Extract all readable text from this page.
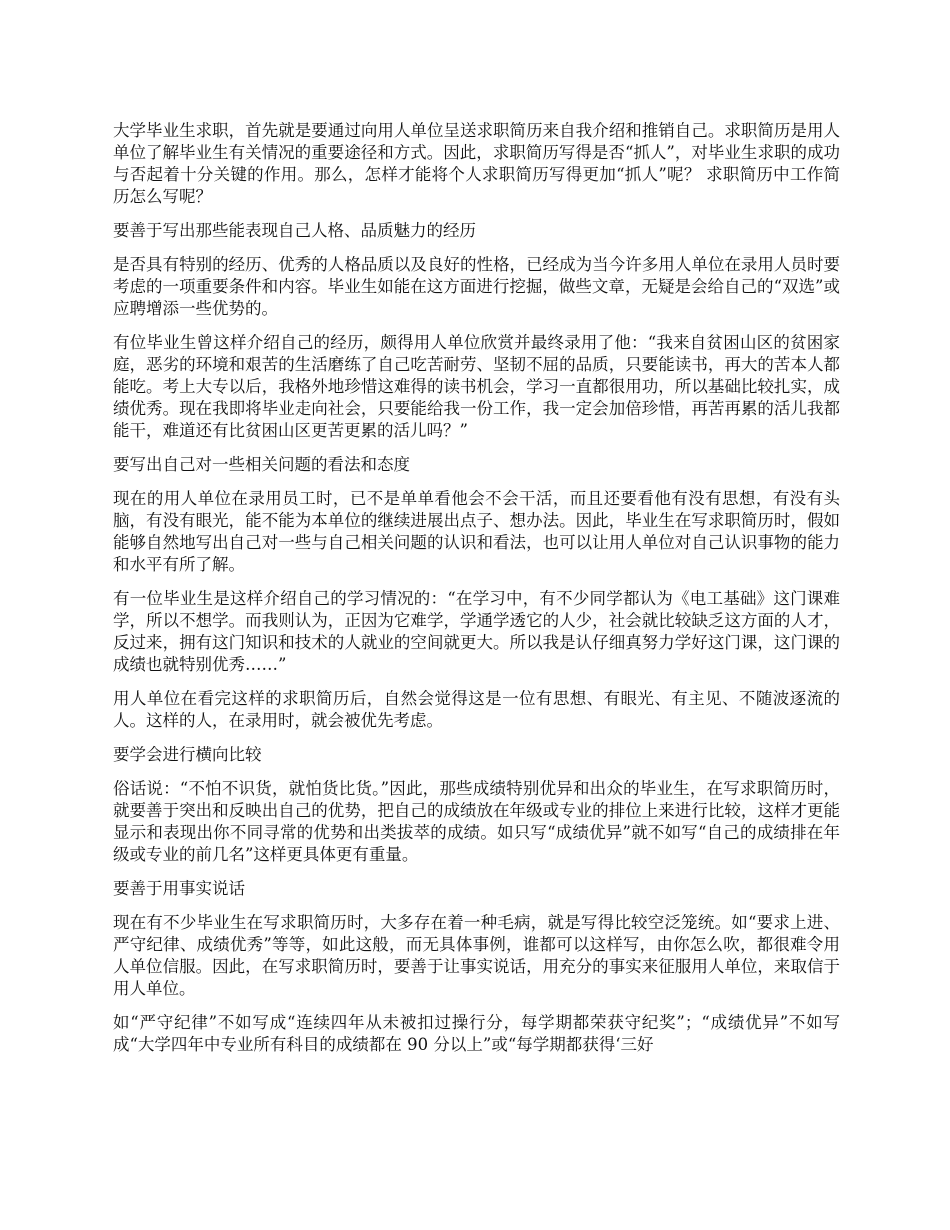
大学毕业生求职，首先就是要通过向用人单位呈送求职简历来自我介绍和推销自己。求职简历是用人单位了解毕业生有关情况的重要途径和方式。因此，求职简历写得是否“抓人”，对毕业生求职的成功与否起着十分关键的作用。那么，怎样才能将个人求职简历写得更加“抓人”呢？ 求职简历中工作简历怎么写呢？

要善于写出那些能表现自己人格、品质魅力的经历

是否具有特别的经历、优秀的人格品质以及良好的性格，已经成为当今许多用人单位在录用人员时要考虑的一项重要条件和内容。毕业生如能在这方面进行挖掘，做些文章，无疑是会给自己的“双选”或应聘增添一些优势的。

有位毕业生曾这样介绍自己的经历，颇得用人单位欣赏并最终录用了他：“我来自贫困山区的贫困家庭，恶劣的环境和艰苦的生活磨练了自己吃苦耐劳、坚韧不屈的品质，只要能读书，再大的苦本人都能吃。考上大专以后，我格外地珍惜这难得的读书机会，学习一直都很用功，所以基础比较扎实，成绩优秀。现在我即将毕业走向社会，只要能给我一份工作，我一定会加倍珍惜，再苦再累的活儿我都能干，难道还有比贫困山区更苦更累的活儿吗？”

要写出自己对一些相关问题的看法和态度

现在的用人单位在录用员工时，已不是单单看他会不会干活，而且还要看他有没有思想，有没有头脑，有没有眼光，能不能为本单位的继续进展出点子、想办法。因此，毕业生在写求职简历时，假如能够自然地写出自己对一些与自己相关问题的认识和看法，也可以让用人单位对自己认识事物的能力和水平有所了解。

有一位毕业生是这样介绍自己的学习情况的：“在学习中，有不少同学都认为《电工基础》这门课难学，所以不想学。而我则认为，正因为它难学，学通学透它的人少，社会就比较缺乏这方面的人才，反过来，拥有这门知识和技术的人就业的空间就更大。所以我是认仔细真努力学好这门课，这门课的成绩也就特别优秀……”

用人单位在看完这样的求职简历后，自然会觉得这是一位有思想、有眼光、有主见、不随波逐流的人。这样的人，在录用时，就会被优先考虑。

要学会进行横向比较

俗话说：“不怕不识货，就怕货比货。”因此，那些成绩特别优异和出众的毕业生，在写求职简历时，就要善于突出和反映出自己的优势，把自己的成绩放在年级或专业的排位上来进行比较，这样才更能显示和表现出你不同寻常的优势和出类拔萃的成绩。如只写“成绩优异”就不如写“自己的成绩排在年级或专业的前几名”这样更具体更有重量。

要善于用事实说话

现在有不少毕业生在写求职简历时，大多存在着一种毛病，就是写得比较空泛笼统。如“要求上进、严守纪律、成绩优秀”等等，如此这般，而无具体事例，谁都可以这样写，由你怎么吹，都很难令用人单位信服。因此，在写求职简历时，要善于让事实说话，用充分的事实来征服用人单位，来取信于用人单位。

如“严守纪律”不如写成“连续四年从未被扣过操行分，每学期都荣获守纪奖”；“成绩优异”不如写成“大学四年中专业所有科目的成绩都在 90 分以上”或“每学期都获得‘三好
